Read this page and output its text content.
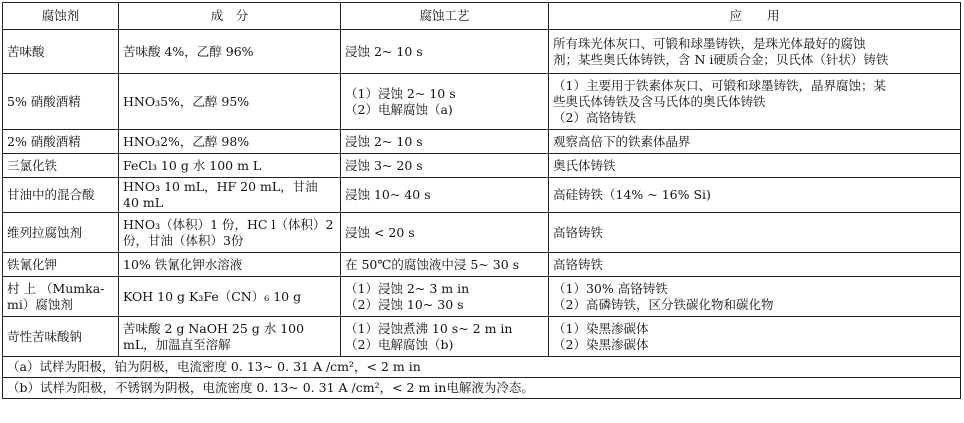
腐蚀剂	成　分	腐蚀工艺	应　　用

苦味酸	苦味酸 4%，乙醇 96%	浸蚀 2~ 10 s	所有珠光体灰口、可锻和球墨铸铁，是珠光体最好的腐蚀
剂；某些奥氏体铸铁，含 N i硬质合金；贝氏体（针状）铸铁

5% 硝酸酒精	HNO₃5%，乙醇 95%	（1）浸蚀 2~ 10 s
（2）电解腐蚀（a)	（1）主要用于铁素体灰口、可锻和球墨铸铁，晶界腐蚀；某
些奥氏体铸铁及含马氏体的奥氏体铸铁
（2）高铬铸铁

2% 硝酸酒精	HNO₃2%，乙醇 98%	浸蚀 2~ 10 s	观察高倍下的铁素体晶界

三氯化铁	FeCl₃ 10 g 水 100 m L	浸蚀 3~ 20 s	奥氏体铸铁

甘油中的混合酸	HNO₃ 10 mL，HF 20 mL，甘油 40 mL	浸蚀 10~ 40 s	高硅铸铁（14% ~ 16% Si)

维列拉腐蚀剂	HNO₃（体积）1 份，HC l（体积）2
份，甘油（体积）3份	浸蚀 < 20 s	高铬铸铁

铁氰化钾	10% 铁氰化钾水溶液	在 50℃的腐蚀液中浸 5~ 30 s	高铬铸铁

村 上 （Mumka-
mi）腐蚀剂	KOH 10 g K₃Fe（CN）₆ 10 g	（1）浸蚀 2~ 3 m in
（2）浸蚀 10~ 30 s	（1）30% 高铬铸铁
（2）高磷铸铁，区分铁碳化物和碳化物

苛性苦味酸钠	苦味酸 2 g NaOH 25 g 水 100
mL，加温直至溶解	（1）浸蚀煮沸 10 s~ 2 m in
（2）电解腐蚀（b)	（1）染黑渗碳体
（2）染黑渗碳体

（a）试样为阳极，铂为阴极，电流密度 0. 13~ 0. 31 A /cm²，< 2 m in			
（b）试样为阳极，不锈钢为阴极，电流密度 0. 13~ 0. 31 A /cm²，< 2 m in电解液为冷态。			
